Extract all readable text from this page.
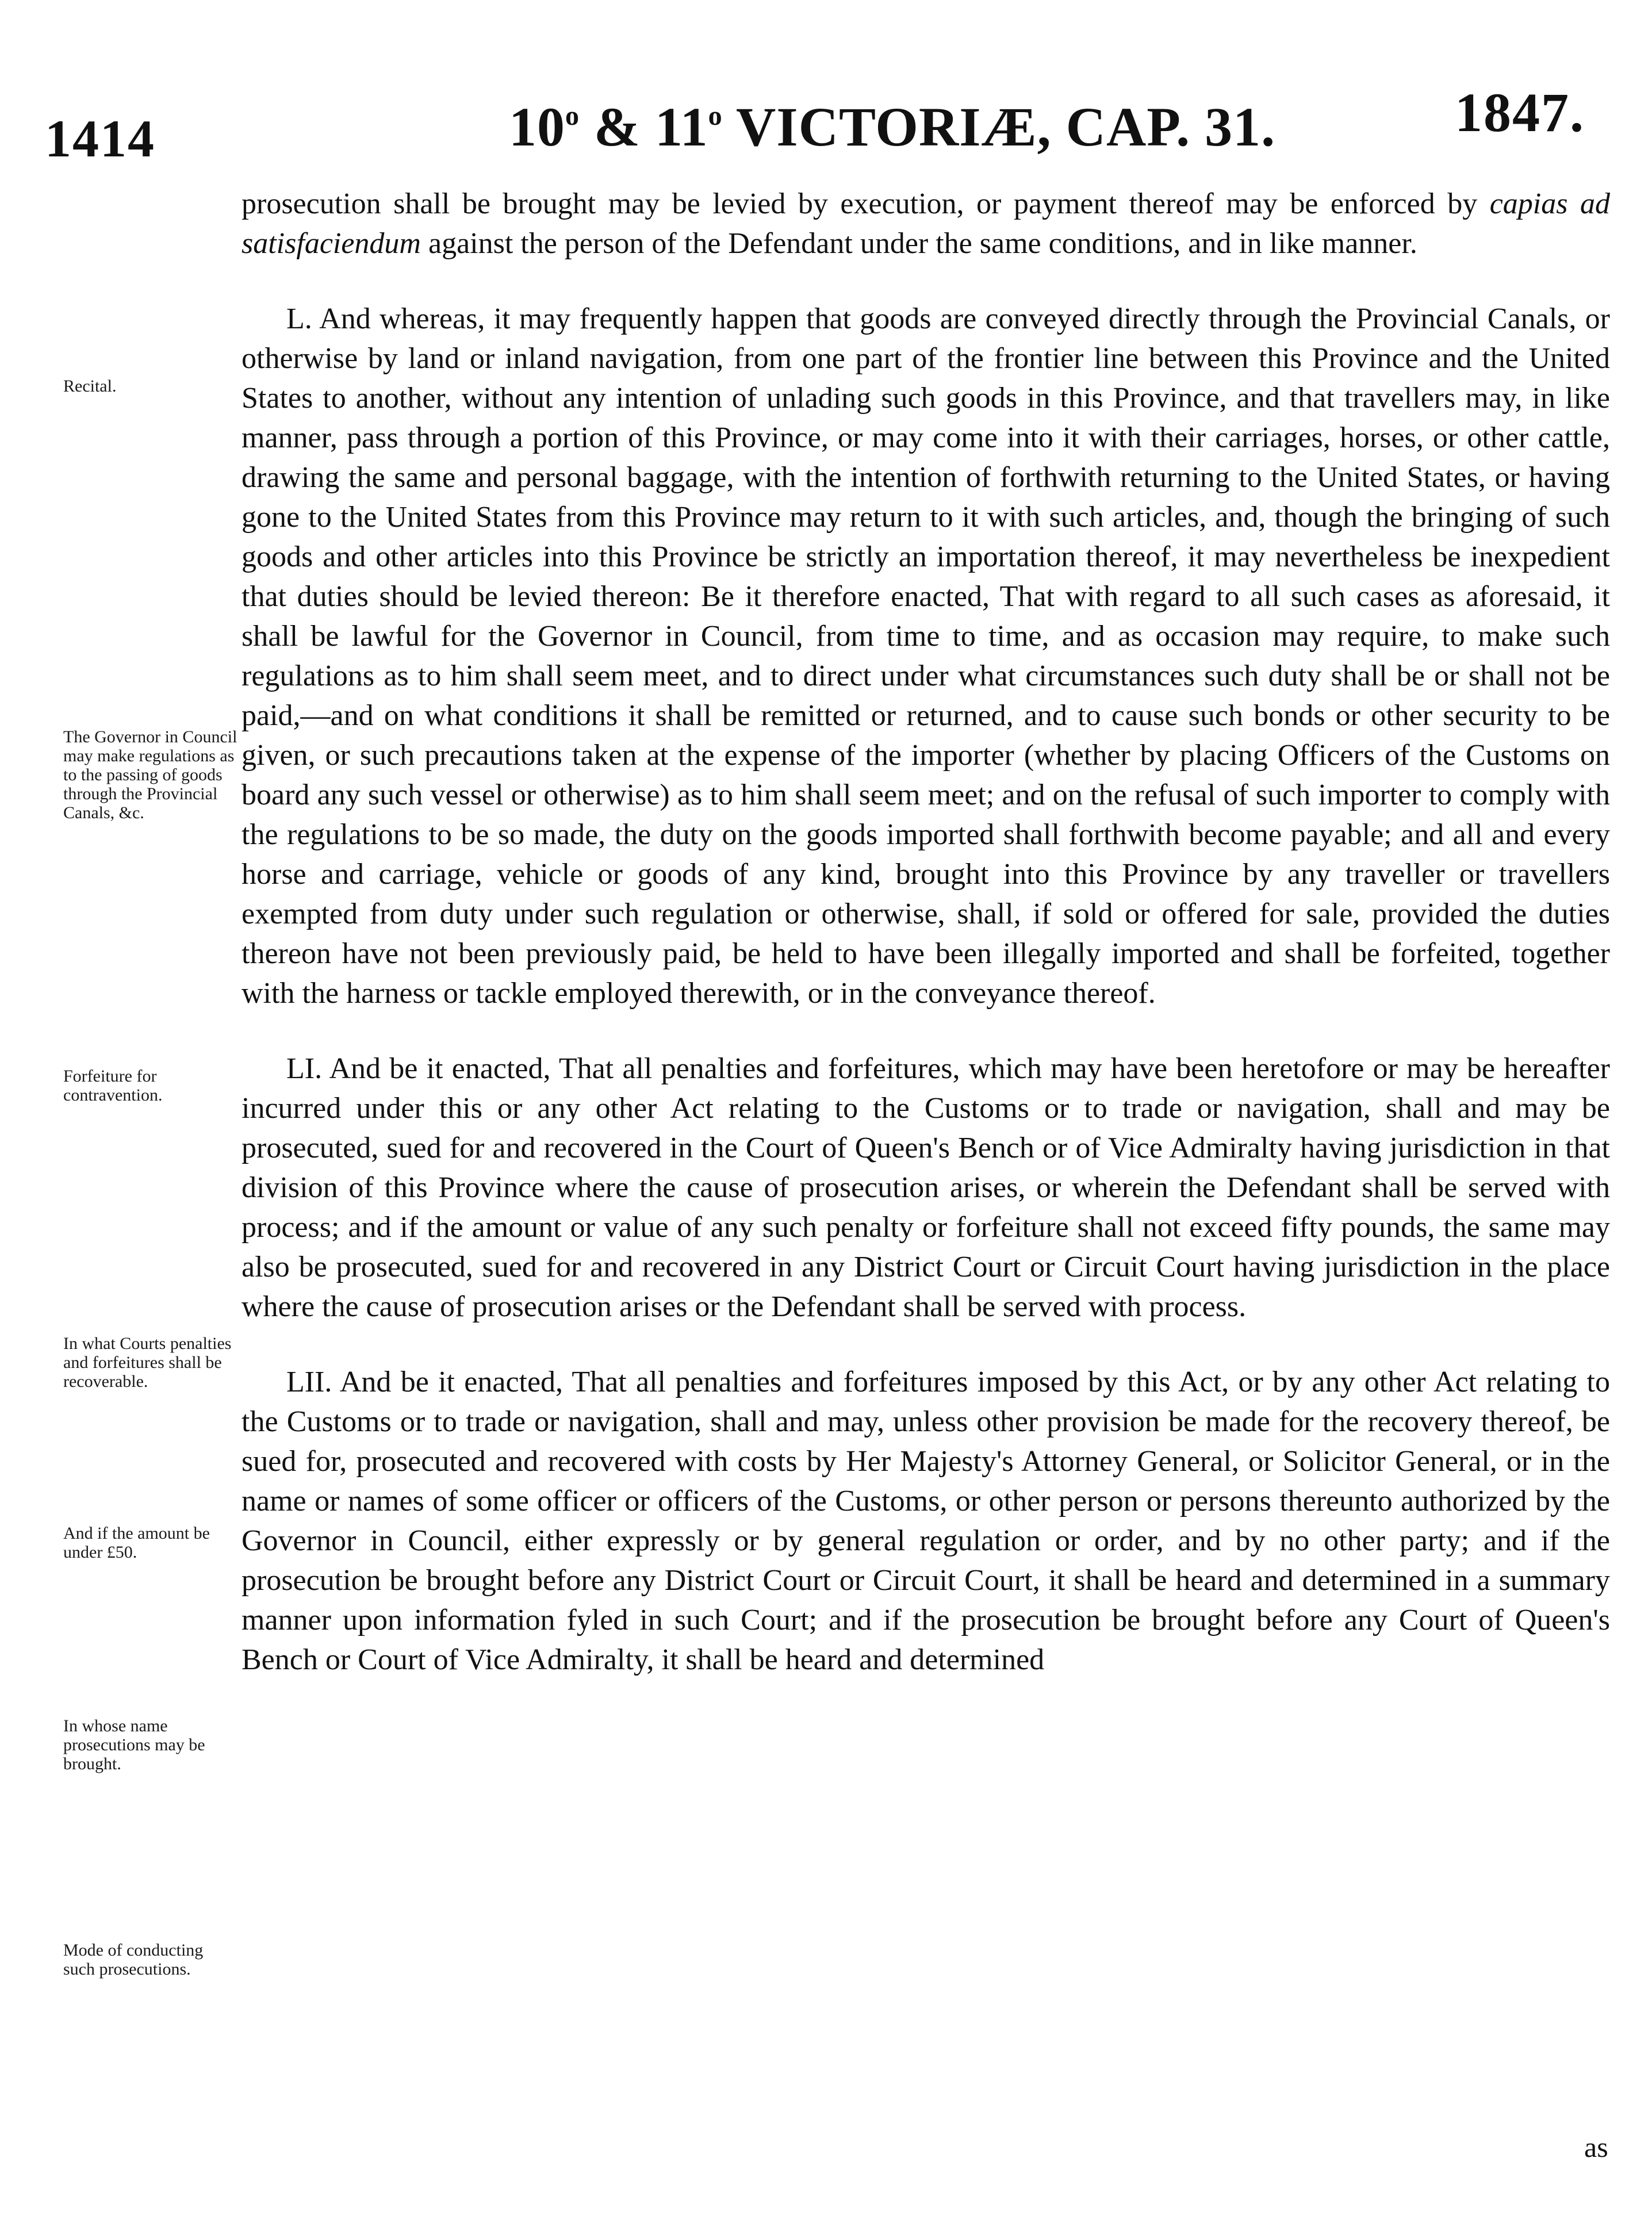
1414	10$^o$ & 11$^o$ VICTORIÆ, CAP. 31.	1847.
Recital.
The Governor in Council may make regulations as to the passing of goods through the Provincial Canals, &c.
Forfeiture for contravention.
In what Courts penalties and forfeitures shall be recoverable.
And if the amount be under £50.
In whose name prosecutions may be brought.
Mode of conducting such prosecutions.

prosecution shall be brought may be levied by execution, or payment thereof may be enforced by capias ad satisfaciendum against the person of the Defendant under the same conditions, and in like manner.

L. And whereas, it may frequently happen that goods are conveyed directly through the Provincial Canals, or otherwise by land or inland navigation, from one part of the frontier line between this Province and the United States to another, without any intention of unlading such goods in this Province, and that travellers may, in like manner, pass through a portion of this Province, or may come into it with their carriages, horses, or other cattle, drawing the same and personal baggage, with the intention of forthwith returning to the United States, or having gone to the United States from this Province may return to it with such articles, and, though the bringing of such goods and other articles into this Province be strictly an importation thereof, it may nevertheless be inexpedient that duties should be levied thereon: Be it therefore enacted, That with regard to all such cases as aforesaid, it shall be lawful for the Governor in Council, from time to time, and as occasion may require, to make such regulations as to him shall seem meet, and to direct under what circumstances such duty shall be or shall not be paid,—and on what conditions it shall be remitted or returned, and to cause such bonds or other security to be given, or such precautions taken at the expense of the importer (whether by placing Officers of the Customs on board any such vessel or otherwise) as to him shall seem meet; and on the refusal of such importer to comply with the regulations to be so made, the duty on the goods imported shall forthwith become payable; and all and every horse and carriage, vehicle or goods of any kind, brought into this Province by any traveller or travellers exempted from duty under such regulation or otherwise, shall, if sold or offered for sale, provided the duties thereon have not been previously paid, be held to have been illegally imported and shall be forfeited, together with the harness or tackle employed therewith, or in the conveyance thereof.

LI. And be it enacted, That all penalties and forfeitures, which may have been heretofore or may be hereafter incurred under this or any other Act relating to the Customs or to trade or navigation, shall and may be prosecuted, sued for and recovered in the Court of Queen's Bench or of Vice Admiralty having jurisdiction in that division of this Province where the cause of prosecution arises, or wherein the Defendant shall be served with process; and if the amount or value of any such penalty or forfeiture shall not exceed fifty pounds, the same may also be prosecuted, sued for and recovered in any District Court or Circuit Court having jurisdiction in the place where the cause of prosecution arises or the Defendant shall be served with process.

LII. And be it enacted, That all penalties and forfeitures imposed by this Act, or by any other Act relating to the Customs or to trade or navigation, shall and may, unless other provision be made for the recovery thereof, be sued for, prosecuted and recovered with costs by Her Majesty's Attorney General, or Solicitor General, or in the name or names of some officer or officers of the Customs, or other person or persons thereunto authorized by the Governor in Council, either expressly or by general regulation or order, and by no other party; and if the prosecution be brought before any District Court or Circuit Court, it shall be heard and determined in a summary manner upon information fyled in such Court; and if the prosecution be brought before any Court of Queen's Bench or Court of Vice Admiralty, it shall be heard and determined

as
